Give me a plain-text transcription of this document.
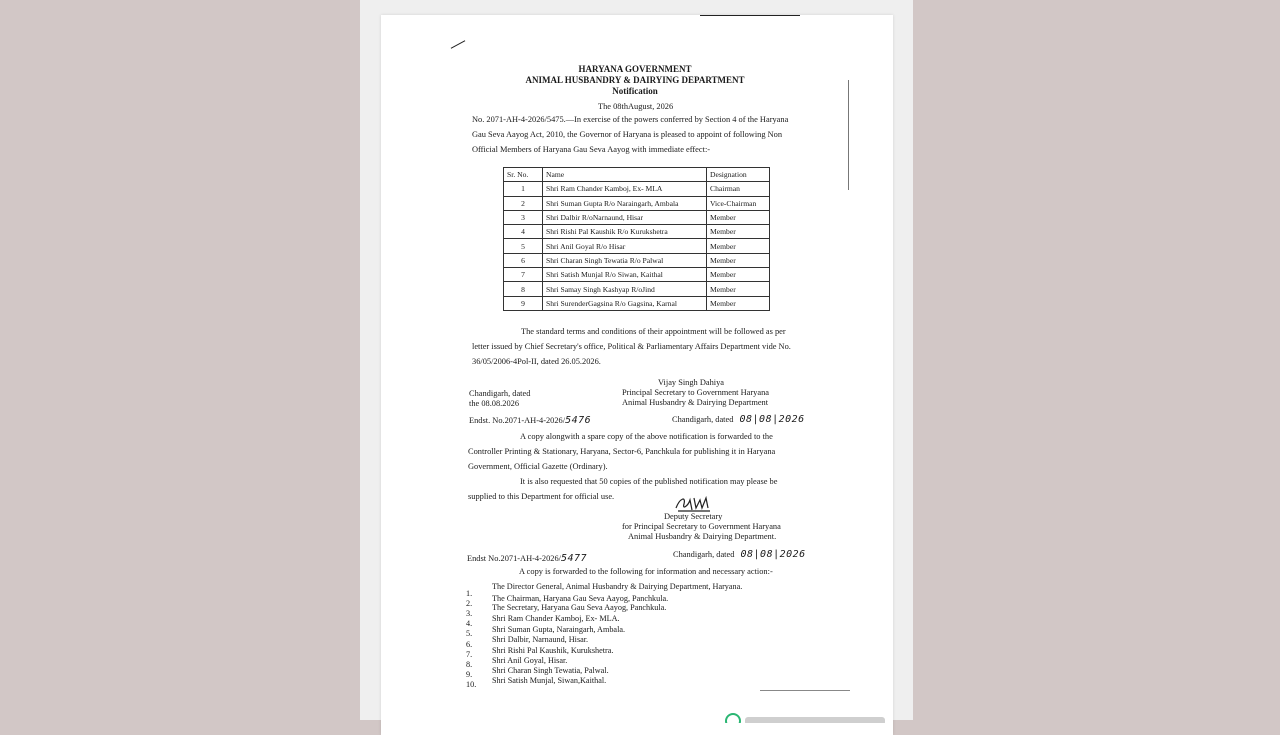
HARYANA GOVERNMENT
ANIMAL HUSBANDRY & DAIRYING DEPARTMENT
Notification
The 08thAugust, 2026
No. 2071-AH-4-2026/5475.—In exercise of the powers conferred by Section 4 of the Haryana
Gau Seva Aayog Act, 2010, the Governor of Haryana is pleased to appoint of following Non
Official Members of Haryana Gau Seva Aayog with immediate effect:-
Sr. No.	Name	Designation
1	Shri Ram Chander Kamboj, Ex- MLA	Chairman
2	Shri Suman Gupta R/o Naraingarh, Ambala	Vice-Chairman
3	Shri Dalbir R/oNarnaund, Hisar	Member
4	Shri Rishi Pal Kaushik R/o Kurukshetra	Member
5	Shri Anil Goyal R/o Hisar	Member
6	Shri Charan Singh Tewatia R/o Palwal	Member
7	Shri Satish Munjal R/o Siwan, Kaithal	Member
8	Shri Samay Singh Kashyap R/oJind	Member
9	Shri SurenderGagsina R/o Gagsina, Karnal	Member
The standard terms and conditions of their appointment will be followed as per
letter issued by Chief Secretary's office, Political & Parliamentary Affairs Department vide No.
36/05/2006-4Pol-II, dated 26.05.2026.
Vijay Singh Dahiya
Principal Secretary to Government Haryana
Animal Husbandry & Dairying Department
Chandigarh, dated
the 08.08.2026
Endst. No.2071-AH-4-2026/5476	Chandigarh, dated 08|08|2026
A copy alongwith a spare copy of the above notification is forwarded to the
Controller Printing & Stationary, Haryana, Sector-6, Panchkula for publishing it in Haryana
Government, Official Gazette (Ordinary).
It is also requested that 50 copies of the published notification may please be
supplied to this Department for official use.
Deputy Secretary
for Principal Secretary to Government Haryana
Animal Husbandry & Dairying Department.
Endst No.2071-AH-4-2026/5477	Chandigarh, dated 08|08|2026
A copy is forwarded to the following for information and necessary action:-
1.
The Director General, Animal Husbandry & Dairying Department, Haryana.
2.
The Chairman, Haryana Gau Seva Aayog, Panchkula.
3.
The Secretary, Haryana Gau Seva Aayog, Panchkula.
4.
Shri Ram Chander Kamboj, Ex- MLA.
5. Shri Suman Gupta, Naraingarh, Ambala.
6.
Shri Dalbir, Narnaund, Hisar.
7. Shri Rishi Pal Kaushik, Kurukshetra.
8. Shri Anil Goyal, Hisar.
9. Shri Charan Singh Tewatia, Palwal.
10. Shri Satish Munjal, Siwan,Kaithal.
